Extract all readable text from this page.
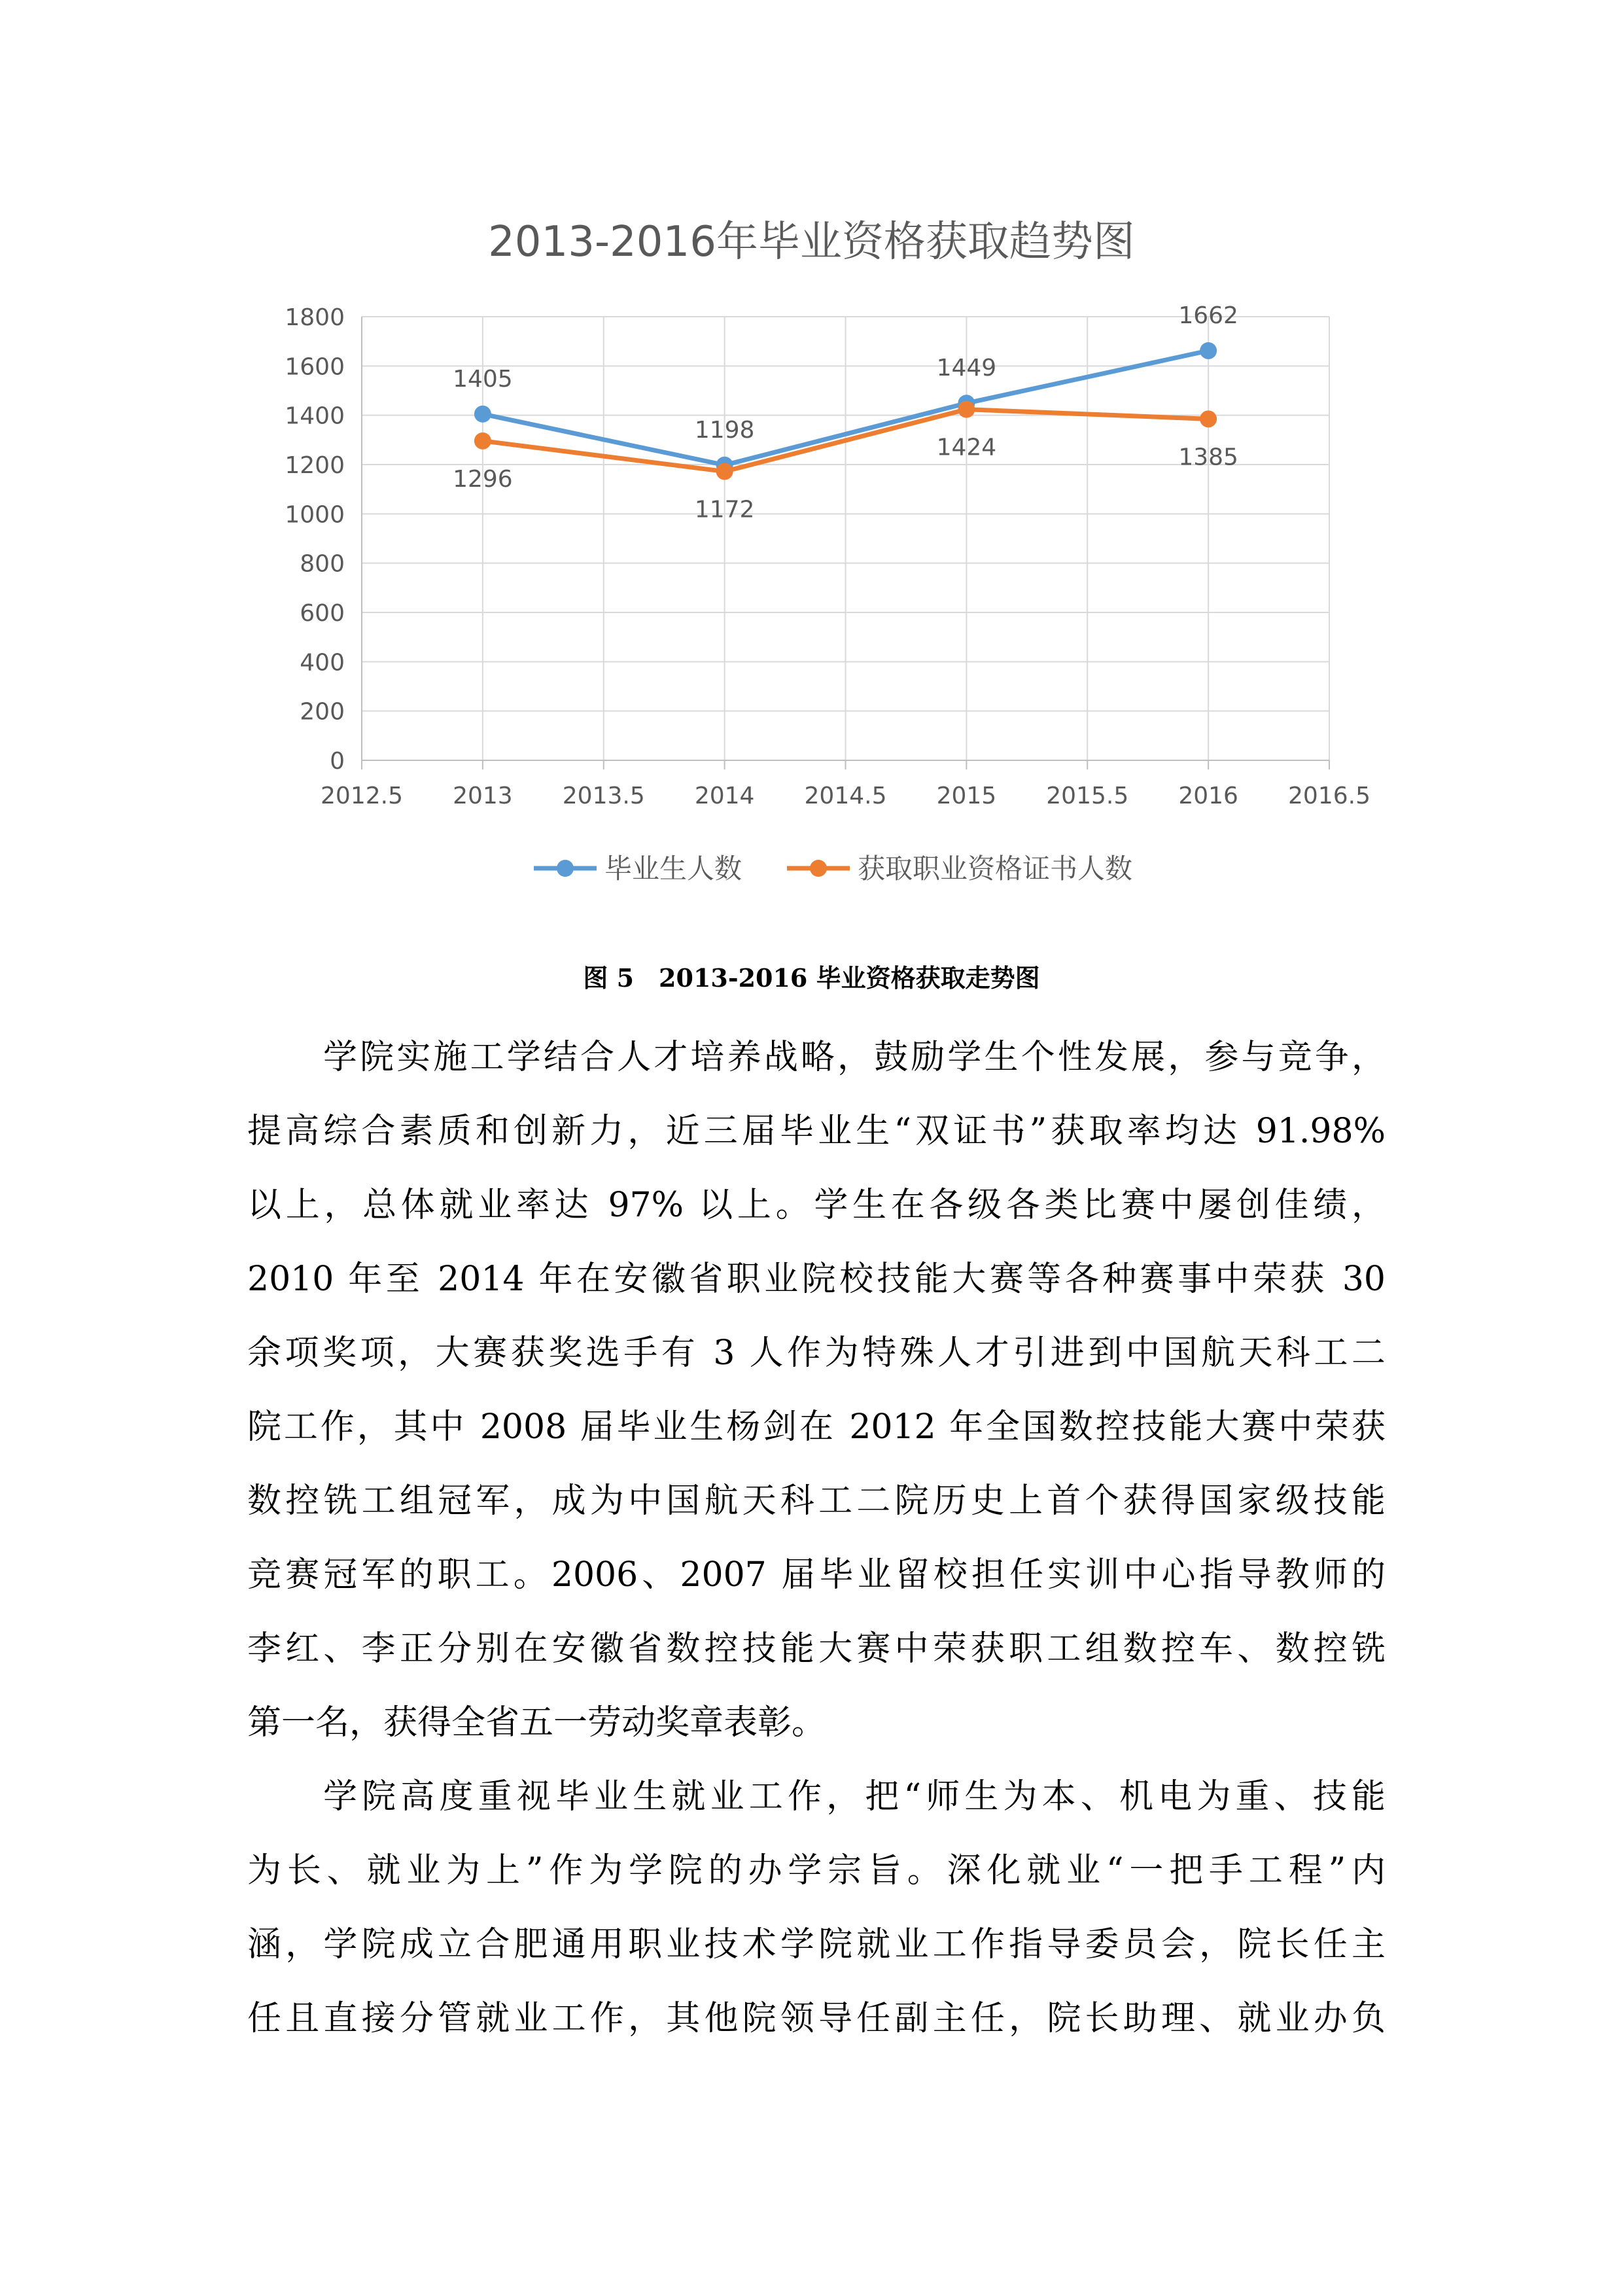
2013-2016年毕业资格获取趋势图
0
200
400
600
800
1000
1200
1400
1600
1800
2012.5 2013 2013.5 2014 2014.5 2015 2015.5 2016 2016.5
1405
1296
1198
1172
1449
1424
1662
1385
毕业生人数	获取职业资格证书人数
图 5　2013-2016 毕业资格获取走势图
学院实施工学结合人才培养战略，鼓励学生个性发展，参与竞争，
提高综合素质和创新力，近三届毕业生“双证书”获取率均达 91.98%
以上，总体就业率达 97% 以上。学生在各级各类比赛中屡创佳绩，
2010 年至 2014 年在安徽省职业院校技能大赛等各种赛事中荣获 30
余项奖项，大赛获奖选手有 3 人作为特殊人才引进到中国航天科工二
院工作，其中 2008 届毕业生杨剑在 2012 年全国数控技能大赛中荣获
数控铣工组冠军，成为中国航天科工二院历史上首个获得国家级技能
竞赛冠军的职工。2006、2007 届毕业留校担任实训中心指导教师的
李红、李正分别在安徽省数控技能大赛中荣获职工组数控车、数控铣
第一名，获得全省五一劳动奖章表彰。
学院高度重视毕业生就业工作，把“师生为本、机电为重、技能
为长、就业为上”作为学院的办学宗旨。深化就业“一把手工程”内
涵，学院成立合肥通用职业技术学院就业工作指导委员会，院长任主
任且直接分管就业工作，其他院领导任副主任，院长助理、就业办负
